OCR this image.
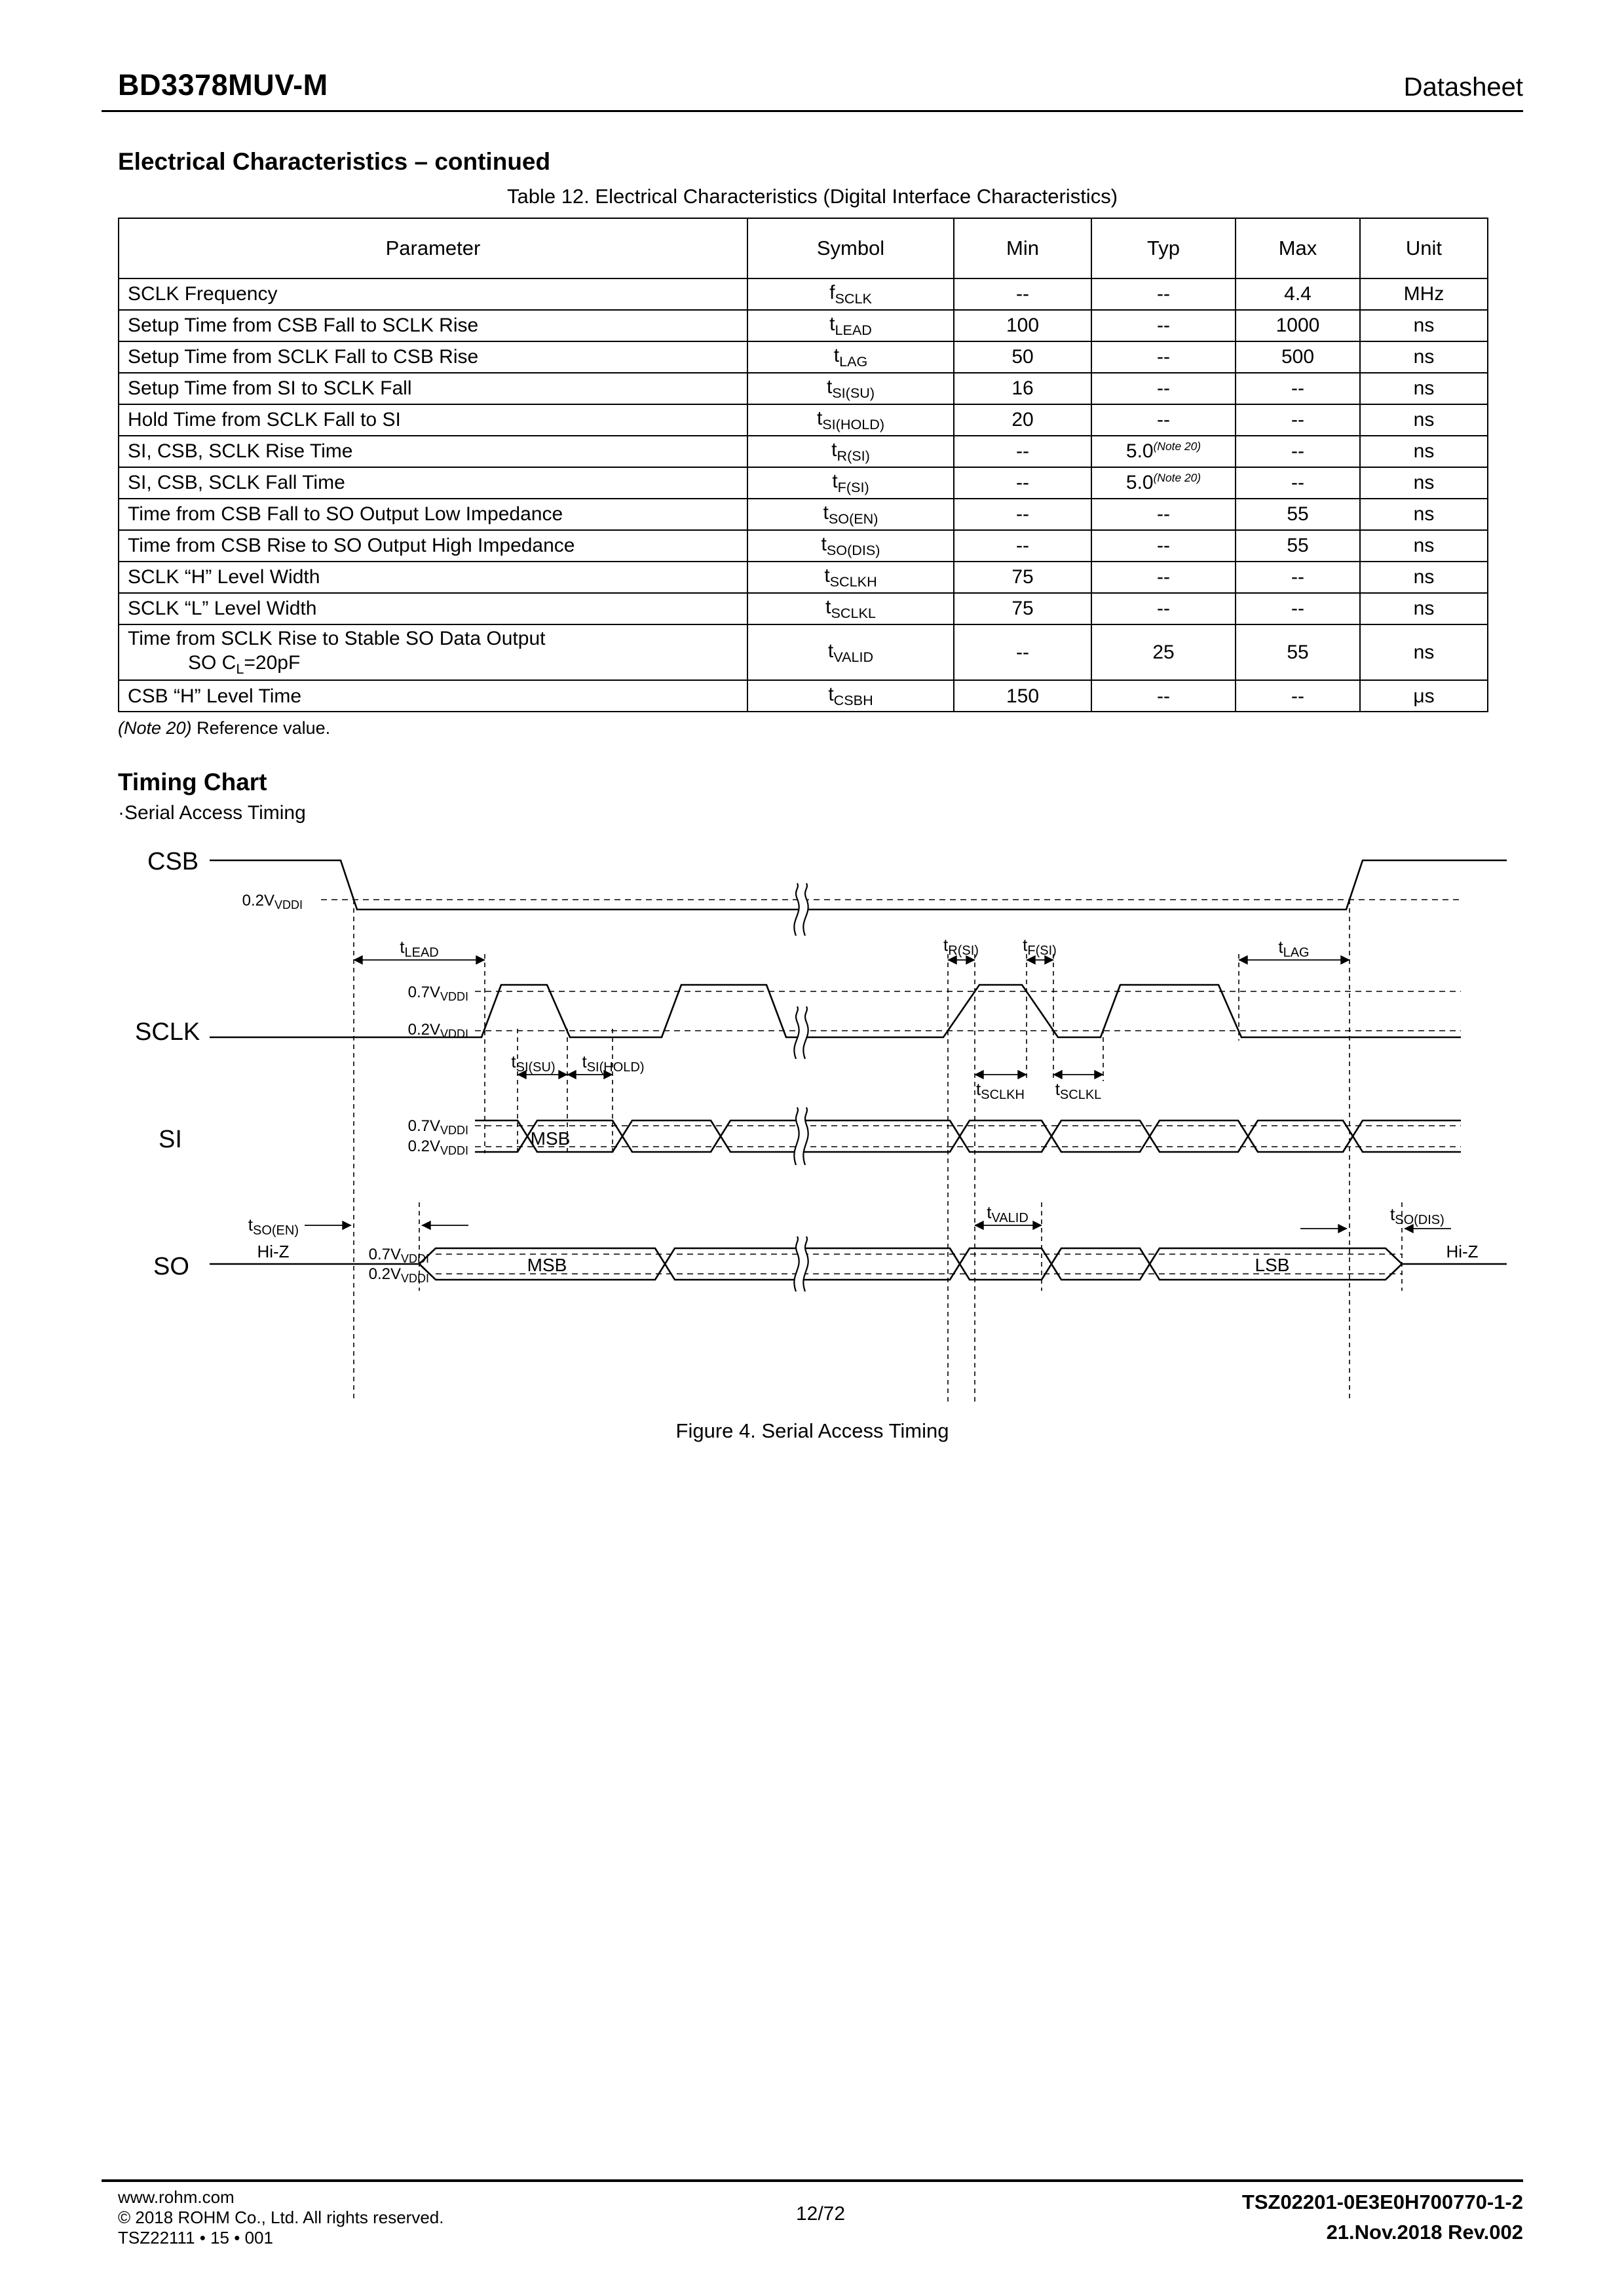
BD3378MUV-M	Datasheet
Electrical Characteristics – continued
Table 12. Electrical Characteristics (Digital Interface Characteristics)
Parameter	Symbol	Min	Typ	Max	Unit

SCLK Frequency	$f_{SCLK}$	--	--	4.4	MHz

Setup Time from CSB Fall to SCLK Rise	$t_{LEAD}$	100	--	1000	ns

Setup Time from SCLK Fall to CSB Rise	$t_{LAG}$	50	--	500	ns

Setup Time from SI to SCLK Fall	$t_{SI(SU)}$	16	--	--	ns

Hold Time from SCLK Fall to SI	$t_{SI(HOLD)}$	20	--	--	ns

SI, CSB, SCLK Rise Time	$t_{R(SI)}$	--	5.0$^{(Note 20)}$	--	ns

SI, CSB, SCLK Fall Time	$t_{F(SI)}$	--	5.0$^{(Note 20)}$	--	ns

Time from CSB Fall to SO Output Low Impedance	$t_{SO(EN)}$	--	--	55	ns

Time from CSB Rise to SO Output High Impedance	$t_{SO(DIS)}$	--	--	55	ns

SCLK “H” Level Width	$t_{SCLKH}$	75	--	--	ns

SCLK “L” Level Width	$t_{SCLKL}$	75	--	--	ns

Time from SCLK Rise to Stable SO Data Output
SO $C_L=20pF$	$t_{VALID}$	--	25	55	ns

CSB “H” Level Time	$t_{CSBH}$	150	--	--	μs
(Note 20) Reference value.
Timing Chart
·Serial Access Timing
CSB
SCLK
SI
SO
$0.2V_{VDDI}$
$0.7V_{VDDI}$
$0.2V_{VDDI}$
$0.7V_{VDDI}$
$0.2V_{VDDI}$
$0.7V_{VDDI}$
$0.2V_{VDDI}$
$t_{LEAD}$	$t_{R(SI)}$	$t_{F(SI)}$	$t_{LAG}$
$t_{SI(SU)}$ $t_{SI(HOLD)}$
$t_{SCLKH}$ $t_{SCLKL}$
$t_{VALID}$
$t_{SO(EN)}$
$t_{SO(DIS)}$
MSB
MSB	LSB
Hi-Z	Hi-Z
Figure 4. Serial Access Timing
www.rohm.com
© 2018 ROHM Co., Ltd. All rights reserved.
TSZ22111 • 15 • 001
12/72
TSZ02201-0E3E0H700770-1-2
21.Nov.2018 Rev.002
